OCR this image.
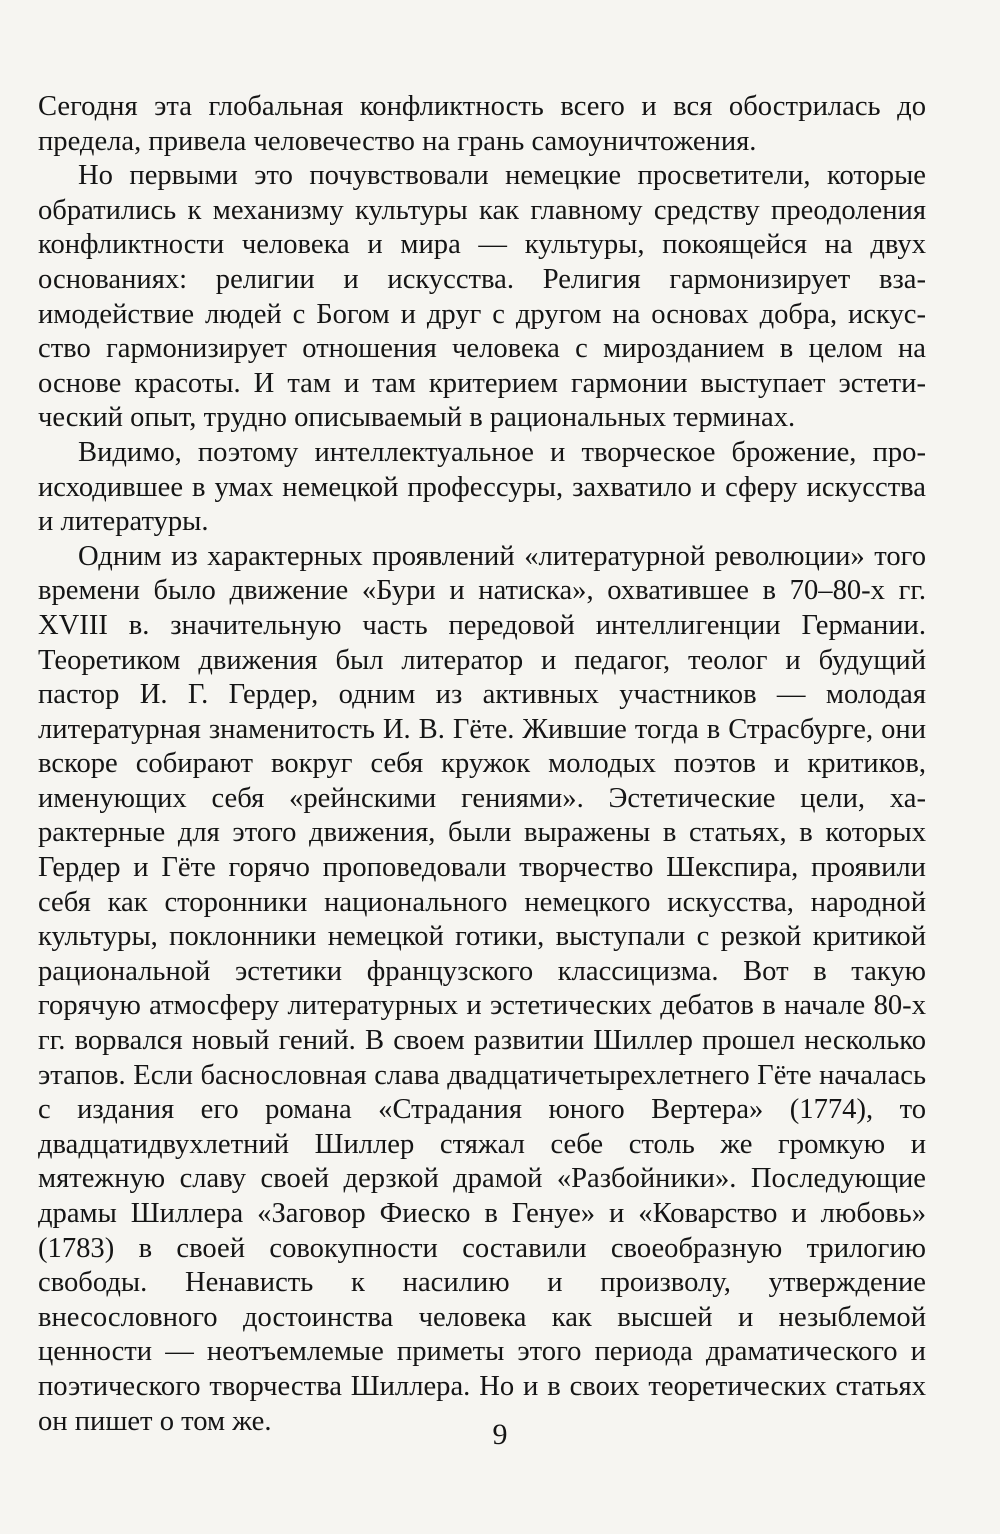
Сегодня эта глобальная конфликтность всего и вся обострилась до предела, привела человечество на грань самоуничтожения.

Но первыми это почувствовали немецкие просветители, которые обратились к механизму культуры как главному средству преодоления конфликтности человека и мира — культуры, покоящейся на двух основаниях: религии и искусства. Религия гармонизирует взаимодействие людей с Богом и друг с другом на основах добра, искусство гармонизирует отношения человека с мирозданием в целом на основе красоты. И там и там критерием гармонии выступает эстетический опыт, трудно описываемый в рациональных терминах.

Видимо, поэтому интеллектуальное и творческое брожение, происходившее в умах немецкой профессуры, захватило и сферу искусства и литературы.

Одним из характерных проявлений «литературной революции» того времени было движение «Бури и натиска», охватившее в 70–80-х гг. XVIII в. значительную часть передовой интеллигенции Германии. Теоретиком движения был литератор и педагог, теолог и будущий пастор И. Г. Гердер, одним из активных участников — молодая литературная знаменитость И. В. Гёте. Жившие тогда в Страсбурге, они вскоре собирают вокруг себя кружок молодых поэтов и критиков, именующих себя «рейнскими гениями». Эстетические цели, характерные для этого движения, были выражены в статьях, в которых Гердер и Гёте горячо проповедовали творчество Шекспира, проявили себя как сторонники национального немецкого искусства, народной культуры, поклонники немецкой готики, выступали с резкой критикой рациональной эстетики французского классицизма. Вот в такую горячую атмосферу литературных и эстетических дебатов в начале 80-х гг. ворвался новый гений. В своем развитии Шиллер прошел несколько этапов. Если баснословная слава двадцатичетырехлетнего Гёте началась с издания его романа «Страдания юного Вертера» (1774), то двадцатидвухлетний Шиллер стяжал себе столь же громкую и мятежную славу своей дерзкой драмой «Разбойники». Последующие драмы Шиллера «Заговор Фиеско в Генуе» и «Коварство и любовь» (1783) в своей совокупности составили своеобразную трилогию свободы. Ненависть к насилию и произволу, утверждение внесословного достоинства человека как высшей и незыблемой ценности — неотъемлемые приметы этого периода драматического и поэтического творчества Шиллера. Но и в своих теоретических статьях он пишет о том же.	9
